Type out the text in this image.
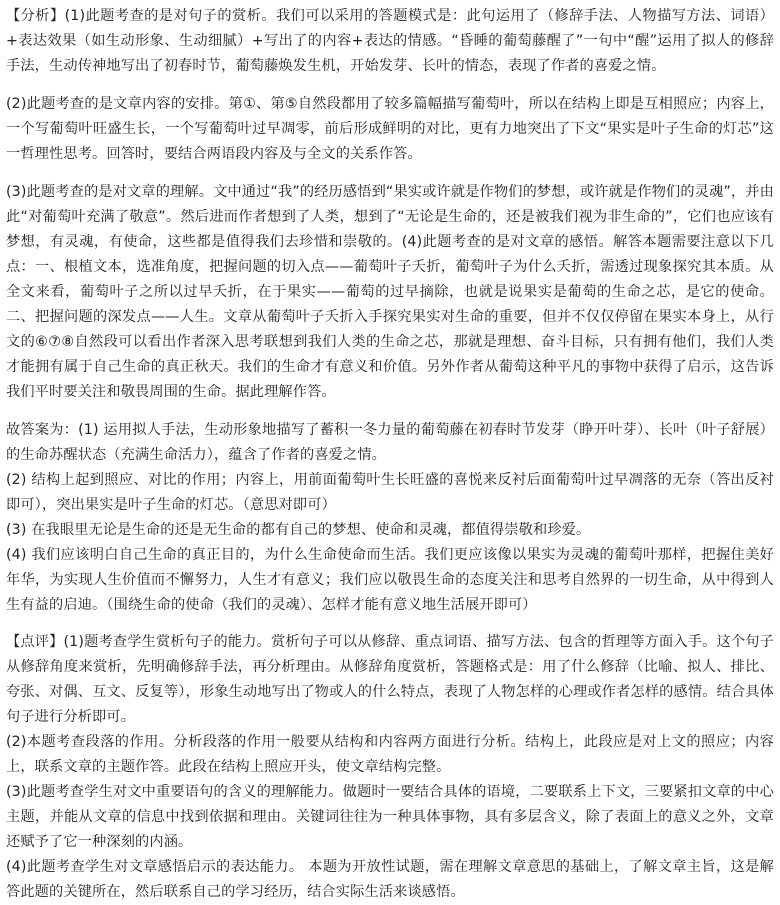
【分析】(1)此题考查的是对句子的赏析。我们可以采用的答题模式是：此句运用了（修辞手法、人物描写方法、词语）+表达效果（如生动形象、生动细腻）+写出了的内容+表达的情感。“昏睡的葡萄藤醒了”一句中“醒”运用了拟人的修辞手法，生动传神地写出了初春时节，葡萄藤焕发生机，开始发芽、长叶的情态，表现了作者的喜爱之情。

(2)此题考查的是文章内容的安排。第①、第⑤自然段都用了较多篇幅描写葡萄叶，所以在结构上即是互相照应；内容上，一个写葡萄叶旺盛生长，一个写葡萄叶过早凋零，前后形成鲜明的对比，更有力地突出了下文“果实是叶子生命的灯芯”这一哲理性思考。回答时，要结合两语段内容及与全文的关系作答。

(3)此题考查的是对文章的理解。文中通过“我”的经历感悟到“果实或许就是作物们的梦想，或许就是作物们的灵魂”，并由此“对葡萄叶充满了敬意”。然后进而作者想到了人类，想到了“无论是生命的，还是被我们视为非生命的”，它们也应该有梦想，有灵魂，有使命，这些都是值得我们去珍惜和崇敬的。(4)此题考查的是对文章的感悟。解答本题需要注意以下几点：一、根植文本，选准角度，把握问题的切入点——葡萄叶子夭折，葡萄叶子为什么夭折，需透过现象探究其本质。从全文来看，葡萄叶子之所以过早夭折，在于果实——葡萄的过早摘除，也就是说果实是葡萄的生命之芯，是它的使命。二、把握问题的深发点——人生。文章从葡萄叶子夭折入手探究果实对生命的重要，但并不仅仅停留在果实本身上，从行文的⑥⑦⑧自然段可以看出作者深入思考联想到我们人类的生命之芯，那就是理想、奋斗目标，只有拥有他们，我们人类才能拥有属于自己生命的真正秋天。我们的生命才有意义和价值。另外作者从葡萄这种平凡的事物中获得了启示，这告诉我们平时要关注和敬畏周围的生命。据此理解作答。

故答案为：(1) 运用拟人手法，生动形象地描写了蓄积一冬力量的葡萄藤在初春时节发芽（睁开叶芽）、长叶（叶子舒展）的生命苏醒状态（充满生命活力），蕴含了作者的喜爱之情。

(2) 结构上起到照应、对比的作用；内容上，用前面葡萄叶生长旺盛的喜悦来反衬后面葡萄叶过早凋落的无奈（答出反衬即可），突出果实是叶子生命的灯芯。（意思对即可）

(3) 在我眼里无论是生命的还是无生命的都有自己的梦想、使命和灵魂，都值得崇敬和珍爱。

(4) 我们应该明白自己生命的真正目的，为什么生命使命而生活。我们更应该像以果实为灵魂的葡萄叶那样，把握住美好年华，为实现人生价值而不懈努力，人生才有意义；我们应以敬畏生命的态度关注和思考自然界的一切生命，从中得到人生有益的启迪。（围绕生命的使命（我们的灵魂）、怎样才能有意义地生活展开即可）

【点评】(1)题考查学生赏析句子的能力。赏析句子可以从修辞、重点词语、描写方法、包含的哲理等方面入手。这个句子从修辞角度来赏析，先明确修辞手法，再分析理由。从修辞角度赏析，答题格式是：用了什么修辞（比喻、拟人、排比、夸张、对偶、互文、反复等），形象生动地写出了物或人的什么特点，表现了人物怎样的心理或作者怎样的感情。结合具体句子进行分析即可。

(2)本题考查段落的作用。分析段落的作用一般要从结构和内容两方面进行分析。结构上，此段应是对上文的照应；内容上，联系文章的主题作答。此段在结构上照应开头，使文章结构完整。

(3)此题考查学生对文中重要语句的含义的理解能力。做题时一要结合具体的语境，二要联系上下文，三要紧扣文章的中心主题，并能从文章的信息中找到依据和理由。关键词往往为一种具体事物，具有多层含义，除了表面上的意义之外，文章还赋予了它一种深刻的内涵。

(4)此题考查学生对文章感悟启示的表达能力。 本题为开放性试题，需在理解文章意思的基础上，了解文章主旨，这是解答此题的关键所在，然后联系自己的学习经历，结合实际生活来谈感悟。
